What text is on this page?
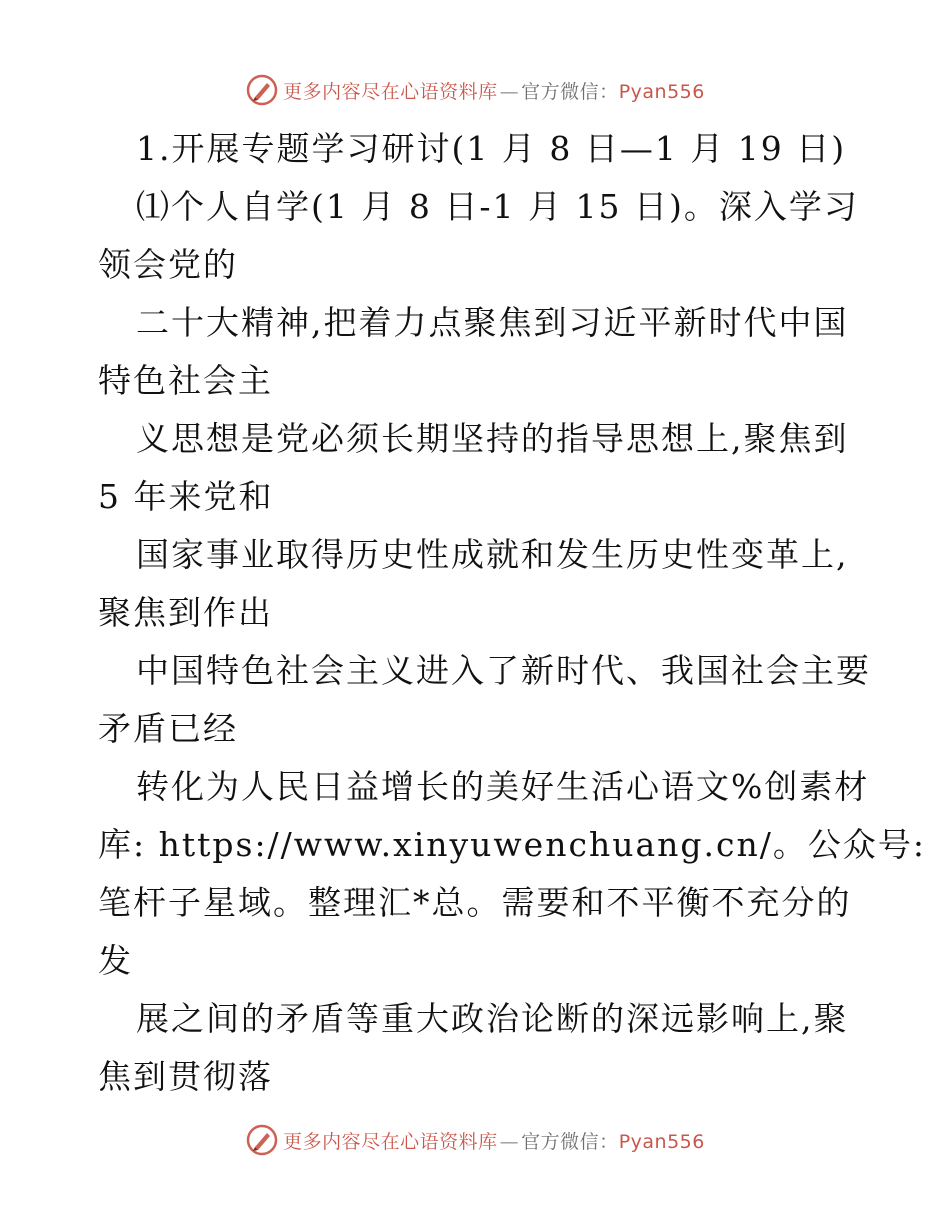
更多内容尽在心语资料库 — 官方微信：Pyan556
1.开展专题学习研讨(1 月 8 日—1 月 19 日)
⑴个人自学(1 月 8 日-1 月 15 日)。深入学习
领会党的
二十大精神,把着力点聚焦到习近平新时代中国
特色社会主
义思想是党必须长期坚持的指导思想上,聚焦到
5 年来党和
国家事业取得历史性成就和发生历史性变革上,
聚焦到作出
中国特色社会主义进入了新时代、我国社会主要
矛盾已经
转化为人民日益增长的美好生活心语文%创素材
库: https://www.xinyuwenchuang.cn/。公众号:
笔杆子星域。整理汇*总。需要和不平衡不充分的
发
展之间的矛盾等重大政治论断的深远影响上,聚
焦到贯彻落
更多内容尽在心语资料库 — 官方微信：Pyan556
